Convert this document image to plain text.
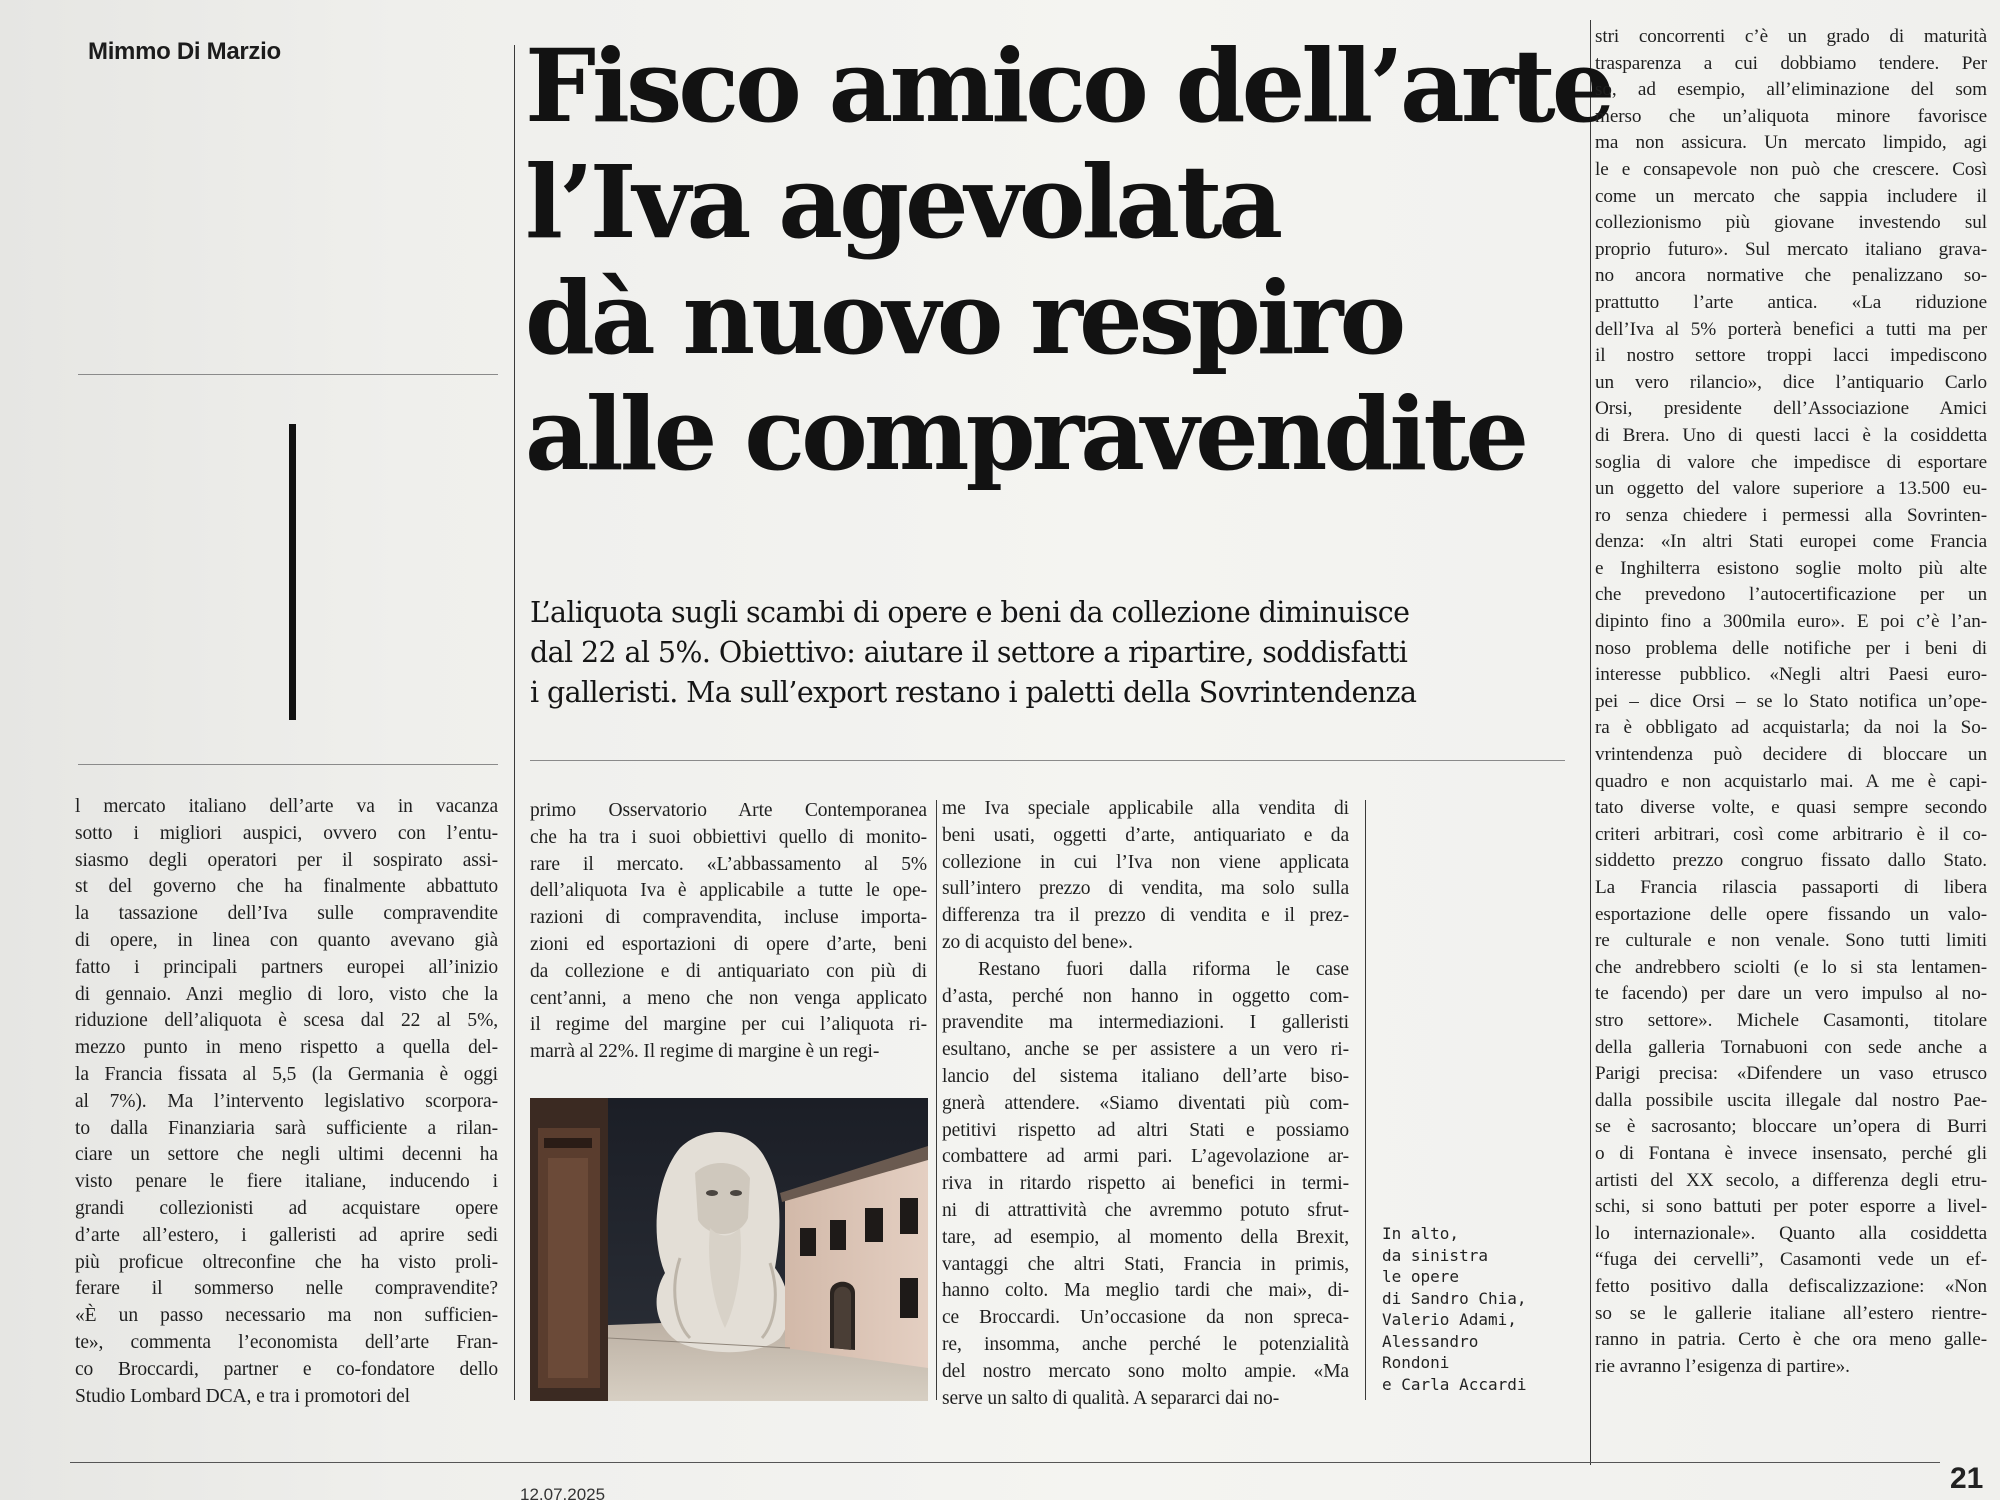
Mimmo Di Marzio Fisco amico dell’arte
l’Iva agevolata
dà nuovo respiro
alle compravendite
L’aliquota sugli scambi di opere e beni da collezione diminuisce
dal 22 al 5%. Obiettivo: aiutare il settore a ripartire, soddisfatti
i galleristi. Ma sull’export restano i paletti della Sovrintendenza
l mercato italiano dell’arte va in vacanza
sotto i migliori auspici, ovvero con l’entu-
siasmo degli operatori per il sospirato assi-
st del governo che ha finalmente abbattuto
la tassazione dell’Iva sulle compravendite
di opere, in linea con quanto avevano già
fatto i principali partners europei all’inizio
di gennaio. Anzi meglio di loro, visto che la
riduzione dell’aliquota è scesa dal 22 al 5%,
mezzo punto in meno rispetto a quella del-
la Francia fissata al 5,5 (la Germania è oggi
al 7%). Ma l’intervento legislativo scorpora-
to dalla Finanziaria sarà sufficiente a rilan-
ciare un settore che negli ultimi decenni ha
visto penare le fiere italiane, inducendo i
grandi collezionisti ad acquistare opere
d’arte all’estero, i galleristi ad aprire sedi
più proficue oltreconfine che ha visto proli-
ferare il sommerso nelle compravendite?
«È un passo necessario ma non sufficien-
te», commenta l’economista dell’arte Fran-
co Broccardi, partner e co-fondatore dello
Studio Lombard DCA, e tra i promotori del
primo Osservatorio Arte Contemporanea
che ha tra i suoi obbiettivi quello di monito-
rare il mercato. «L’abbassamento al 5%
dell’aliquota Iva è applicabile a tutte le ope-
razioni di compravendita, incluse importa-
zioni ed esportazioni di opere d’arte, beni
da collezione e di antiquariato con più di
cent’anni, a meno che non venga applicato
il regime del margine per cui l’aliquota ri-
marrà al 22%. Il regime di margine è un regi-
me Iva speciale applicabile alla vendita di
beni usati, oggetti d’arte, antiquariato e da
collezione in cui l’Iva non viene applicata
sull’intero prezzo di vendita, ma solo sulla
differenza tra il prezzo di vendita e il prez-
zo di acquisto del bene».
Restano fuori dalla riforma le case
d’asta, perché non hanno in oggetto com-
pravendite ma intermediazioni. I galleristi
esultano, anche se per assistere a un vero ri-
lancio del sistema italiano dell’arte biso-
gnerà attendere. «Siamo diventati più com-
petitivi rispetto ad altri Stati e possiamo
combattere ad armi pari. L’agevolazione ar-
riva in ritardo rispetto ai benefici in termi-
ni di attrattività che avremmo potuto sfrut-
tare, ad esempio, al momento della Brexit,
vantaggi che altri Stati, Francia in primis,
hanno colto. Ma meglio tardi che mai», di-
ce Broccardi. Un’occasione da non spreca-
re, insomma, anche perché le potenzialità
del nostro mercato sono molto ampie. «Ma
serve un salto di qualità. A separarci dai no-
stri concorrenti c’è un grado di maturità
trasparenza a cui dobbiamo tendere. Per
so, ad esempio, all’eliminazione del som
merso che un’aliquota minore favorisce
ma non assicura. Un mercato limpido, agi
le e consapevole non può che crescere. Così
come un mercato che sappia includere il
collezionismo più giovane investendo sul
proprio futuro». Sul mercato italiano grava-
no ancora normative che penalizzano so-
prattutto l’arte antica. «La riduzione
dell’Iva al 5% porterà benefici a tutti ma per
il nostro settore troppi lacci impediscono
un vero rilancio», dice l’antiquario Carlo
Orsi, presidente dell’Associazione Amici
di Brera. Uno di questi lacci è la cosiddetta
soglia di valore che impedisce di esportare
un oggetto del valore superiore a 13.500 eu-
ro senza chiedere i permessi alla Sovrinten-
denza: «In altri Stati europei come Francia
e Inghilterra esistono soglie molto più alte
che prevedono l’autocertificazione per un
dipinto fino a 300mila euro». E poi c’è l’an-
noso problema delle notifiche per i beni di
interesse pubblico. «Negli altri Paesi euro-
pei – dice Orsi – se lo Stato notifica un’ope-
ra è obbligato ad acquistarla; da noi la So-
vrintendenza può decidere di bloccare un
quadro e non acquistarlo mai. A me è capi-
tato diverse volte, e quasi sempre secondo
criteri arbitrari, così come arbitrario è il co-
siddetto prezzo congruo fissato dallo Stato.
La Francia rilascia passaporti di libera
esportazione delle opere fissando un valo-
re culturale e non venale. Sono tutti limiti
che andrebbero sciolti (e lo si sta lentamen-
te facendo) per dare un vero impulso al no-
stro settore». Michele Casamonti, titolare
della galleria Tornabuoni con sede anche a
Parigi precisa: «Difendere un vaso etrusco
dalla possibile uscita illegale dal nostro Pae-
se è sacrosanto; bloccare un’opera di Burri
o di Fontana è invece insensato, perché gli
artisti del XX secolo, a differenza degli etru-
schi, si sono battuti per poter esporre a livel-
lo internazionale». Quanto alla cosiddetta
“fuga dei cervelli”, Casamonti vede un ef-
fetto positivo dalla defiscalizzazione: «Non
so se le gallerie italiane all’estero rientre-
ranno in patria. Certo è che ora meno galle-
rie avranno l’esigenza di partire».
In alto,
da sinistra
le opere
di Sandro Chia,
Valerio Adami,
Alessandro
Rondoni
e Carla Accardi
21
12.07.2025
